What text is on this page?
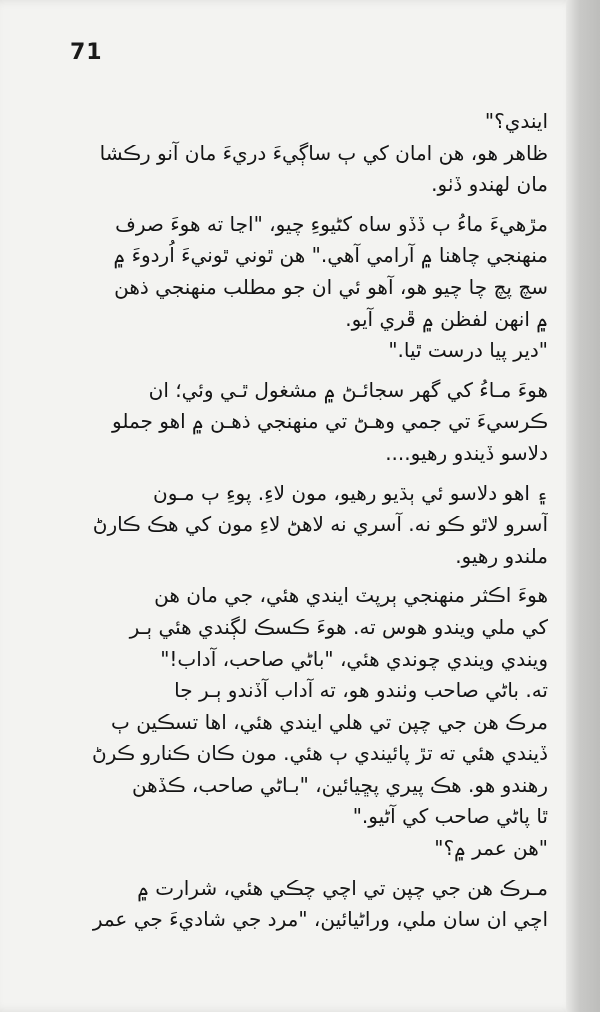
71
ايندي؟"
ظاهر هو، هن امان کي ٻ ساڳيءَ دريءَ مان آنو رڪشا
مان لهندو ڏٺو.
مڙهيءَ ماءُ ٻ ڏڏو ساه کڻيوءِ چيو، "اڃا ته هوءَ صرف
منهنجي چاهنا ۾ آرامي آهي." هن ٿوني ٿونيءَ اُردوءَ ۾
سچ پچ چا چيو هو، آهو ئي ان جو مطلب منهنجي ذهن
۾ انهن لفظن ۾ ڦري آيو.
"دير پيا درست ٿيا."
هوءَ مـاءُ کي گهر سجائـڻ ۾ مشغول ٿـي وئي؛ ان
ڪرسيءَ تي جمي وهـڻ تي منهنجي ذهـن ۾ اهو جملو
دلاسو ڏيندو رهيو....
۽ اهو دلاسو ئي ٻڌيو رهيو، مون لاءِ. پوءِ ٻ مـون
آسرو لاٿو ڪو نه. آسري نه لاهڻ لاءِ مون کي هڪ ڪارڻ
ملندو رهيو.
هوءَ اڪثر منهنجي ٻرپٽ ايندي هئي، جي مان هن
کي ملي ويندو هوس ته. هوءَ ڪسڪ لڳندي هئي ٻـر
ويندي ويندي چوندي هئي، "باڻي صاحب، آداب!"
ته. باڻي صاحب وٺندو هو، ته آداب آڏندو ٻـر جا
مرڪ هن جي چپن تي هلي ايندي هئي، اها تسڪين ٻ
ڏيندي هئي ته تڙ پائيندي ٻ هئي. مون ڪان ڪنارو ڪرڻ
رهندو هو. هڪ پيري پڇيائين، "بـاڻي صاحب، ڪڏهن
ٿا پاڻي صاحب کي آڻيو."
"هن عمر ۾؟"
مـرڪ هن جي چپن تي اچي چڪي هئي، شرارت ۾
اچي ان سان ملي، وراڻيائين، "مرد جي شاديءَ جي عمر
